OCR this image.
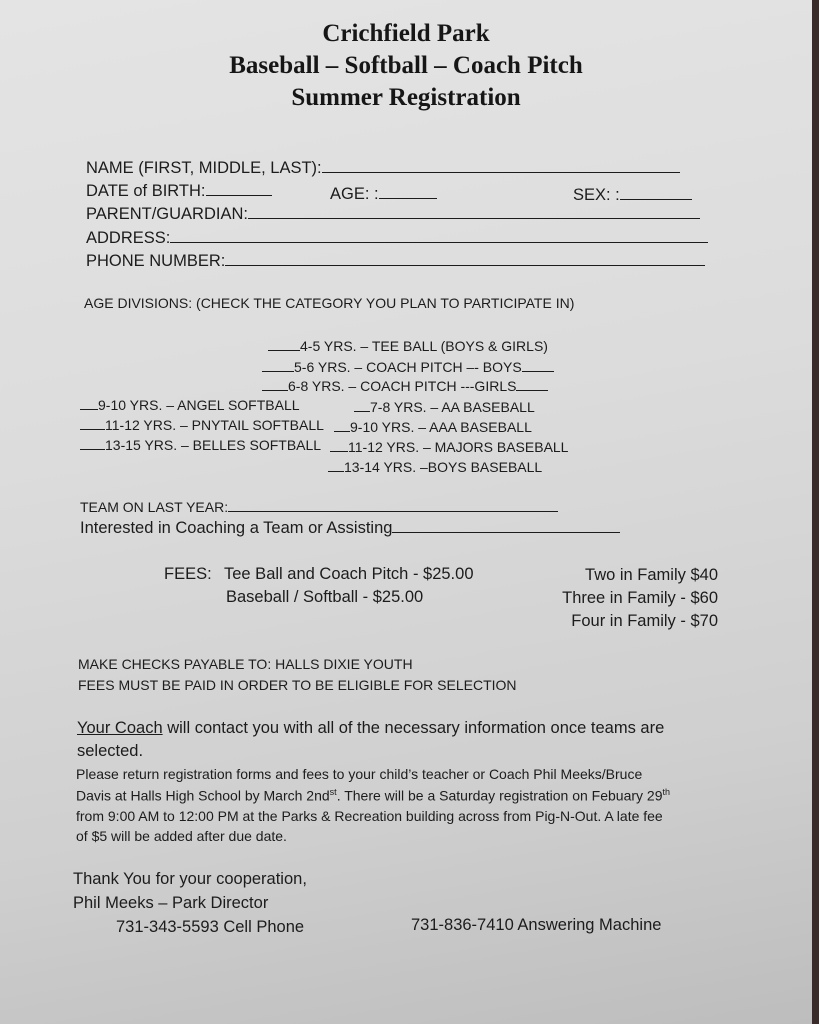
Crichfield Park
Baseball – Softball – Coach Pitch
Summer Registration
NAME (FIRST, MIDDLE, LAST):
DATE of BIRTH:	AGE: :	SEX: :
PARENT/GUARDIAN:
ADDRESS:
PHONE NUMBER:
AGE DIVISIONS: (CHECK THE CATEGORY YOU PLAN TO PARTICIPATE IN)
4-5 YRS. – TEE BALL (BOYS & GIRLS)
5-6 YRS. – COACH PITCH –- BOYS
6-8 YRS. – COACH PITCH ---GIRLS
9-10 YRS. – ANGEL SOFTBALL
11-12 YRS. – PNYTAIL SOFTBALL
13-15 YRS. – BELLES SOFTBALL
7-8 YRS. – AA BASEBALL
9-10 YRS. – AAA BASEBALL
11-12 YRS. – MAJORS BASEBALL
13-14 YRS. –BOYS BASEBALL
TEAM ON LAST YEAR:
Interested in Coaching a Team or Assisting
FEES: Tee Ball and Coach Pitch - $25.00
Baseball / Softball - $25.00
Two in Family $40
Three in Family - $60
Four in Family - $70
MAKE CHECKS PAYABLE TO: HALLS DIXIE YOUTH
FEES MUST BE PAID IN ORDER TO BE ELIGIBLE FOR SELECTION
Your Coach will contact you with all of the necessary information once teams are
selected.
Please return registration forms and fees to your child’s teacher or Coach Phil Meeks/Bruce
Davis at Halls High School by March $2nd^{st}$. There will be a Saturday registration on Febuary 29th
from 9:00 AM to 12:00 PM at the Parks & Recreation building across from Pig-N-Out. A late fee
of $5 will be added after due date.
Thank You for your cooperation,
Phil Meeks – Park Director
731-343-5593 Cell Phone	731-836-7410 Answering Machine
